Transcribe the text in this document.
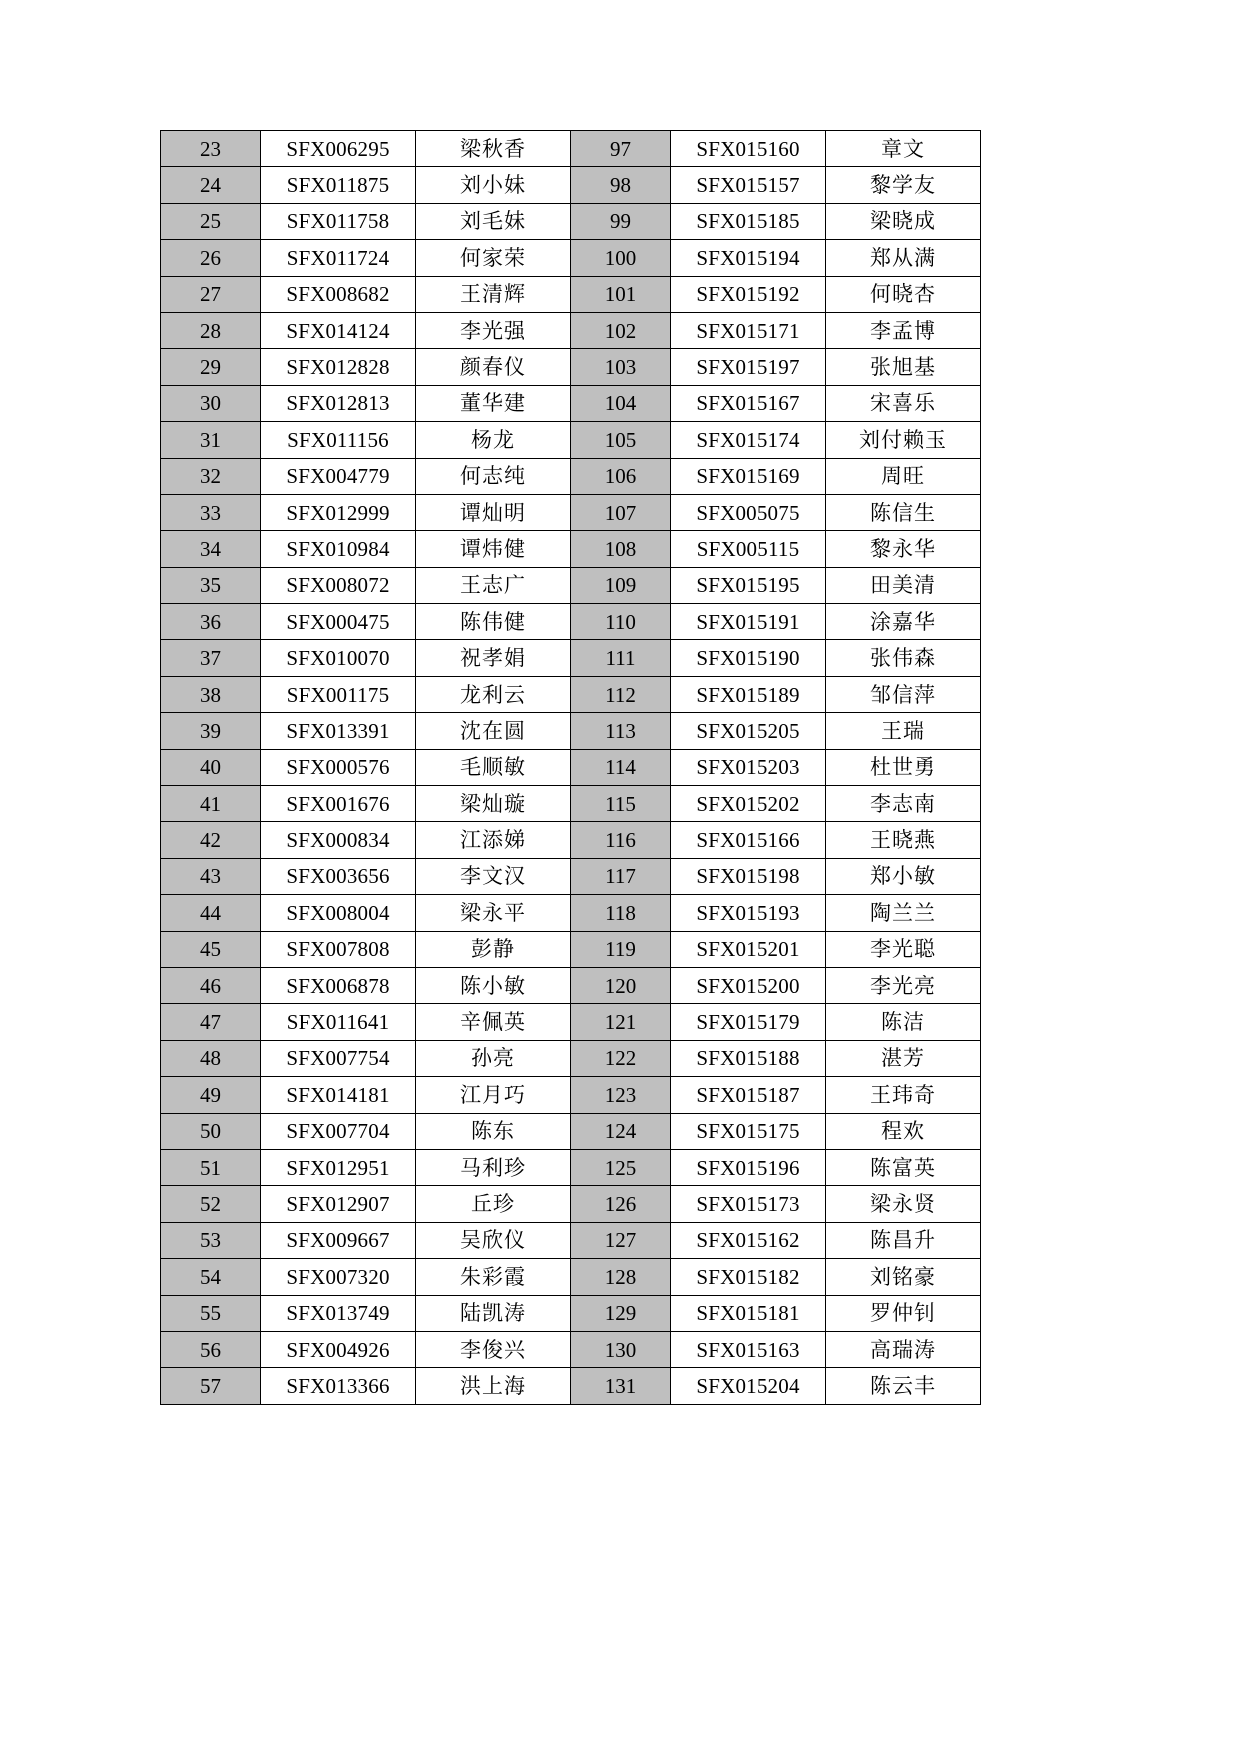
23	SFX006295	梁秋香	97	SFX015160	章文
24	SFX011875	刘小妹	98	SFX015157	黎学友
25	SFX011758	刘毛妹	99	SFX015185	梁晓成
26	SFX011724	何家荣	100	SFX015194	郑从满
27	SFX008682	王清辉	101	SFX015192	何晓杏
28	SFX014124	李光强	102	SFX015171	李孟博
29	SFX012828	颜春仪	103	SFX015197	张旭基
30	SFX012813	董华建	104	SFX015167	宋喜乐
31	SFX011156	杨龙	105	SFX015174	刘付赖玉
32	SFX004779	何志纯	106	SFX015169	周旺
33	SFX012999	谭灿明	107	SFX005075	陈信生
34	SFX010984	谭炜健	108	SFX005115	黎永华
35	SFX008072	王志广	109	SFX015195	田美清
36	SFX000475	陈伟健	110	SFX015191	涂嘉华
37	SFX010070	祝孝娟	111	SFX015190	张伟森
38	SFX001175	龙利云	112	SFX015189	邹信萍
39	SFX013391	沈在圆	113	SFX015205	王瑞
40	SFX000576	毛顺敏	114	SFX015203	杜世勇
41	SFX001676	梁灿璇	115	SFX015202	李志南
42	SFX000834	江添娣	116	SFX015166	王晓燕
43	SFX003656	李文汉	117	SFX015198	郑小敏
44	SFX008004	梁永平	118	SFX015193	陶兰兰
45	SFX007808	彭静	119	SFX015201	李光聪
46	SFX006878	陈小敏	120	SFX015200	李光亮
47	SFX011641	辛佩英	121	SFX015179	陈洁
48	SFX007754	孙亮	122	SFX015188	湛芳
49	SFX014181	江月巧	123	SFX015187	王玮奇
50	SFX007704	陈东	124	SFX015175	程欢
51	SFX012951	马利珍	125	SFX015196	陈富英
52	SFX012907	丘珍	126	SFX015173	梁永贤
53	SFX009667	吴欣仪	127	SFX015162	陈昌升
54	SFX007320	朱彩霞	128	SFX015182	刘铭豪
55	SFX013749	陆凯涛	129	SFX015181	罗仲钊
56	SFX004926	李俊兴	130	SFX015163	高瑞涛
57	SFX013366	洪上海	131	SFX015204	陈云丰
